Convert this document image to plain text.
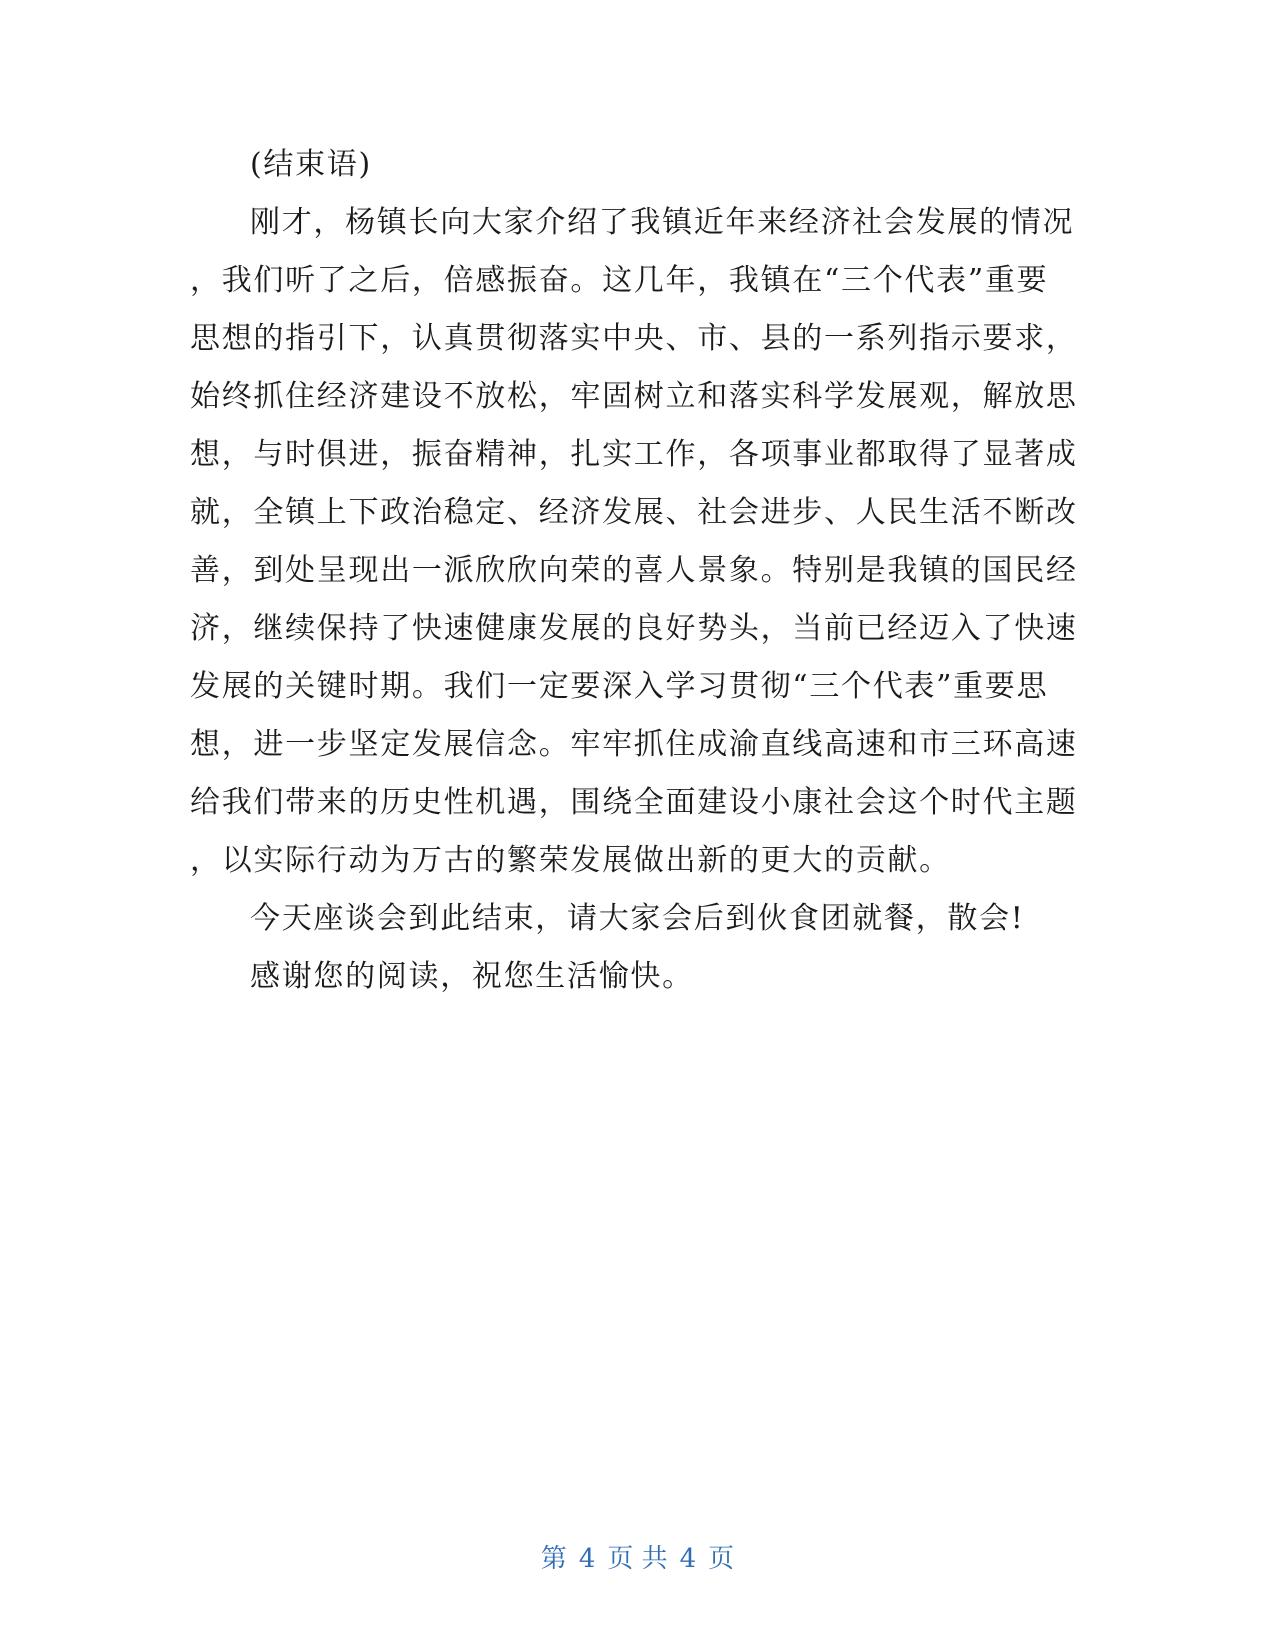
(结束语)
刚才，杨镇长向大家介绍了我镇近年来经济社会发展的情况
，我们听了之后，倍感振奋。这几年，我镇在“三个代表”重要
思想的指引下，认真贯彻落实中央、市、县的一系列指示要求，
始终抓住经济建设不放松，牢固树立和落实科学发展观，解放思
想，与时俱进，振奋精神，扎实工作，各项事业都取得了显著成
就，全镇上下政治稳定、经济发展、社会进步、人民生活不断改
善，到处呈现出一派欣欣向荣的喜人景象。特别是我镇的国民经
济，继续保持了快速健康发展的良好势头，当前已经迈入了快速
发展的关键时期。我们一定要深入学习贯彻“三个代表”重要思
想，进一步坚定发展信念。牢牢抓住成渝直线高速和市三环高速
给我们带来的历史性机遇，围绕全面建设小康社会这个时代主题
，以实际行动为万古的繁荣发展做出新的更大的贡献。
今天座谈会到此结束，请大家会后到伙食团就餐，散会!
感谢您的阅读，祝您生活愉快。
第 4 页 共 4 页
